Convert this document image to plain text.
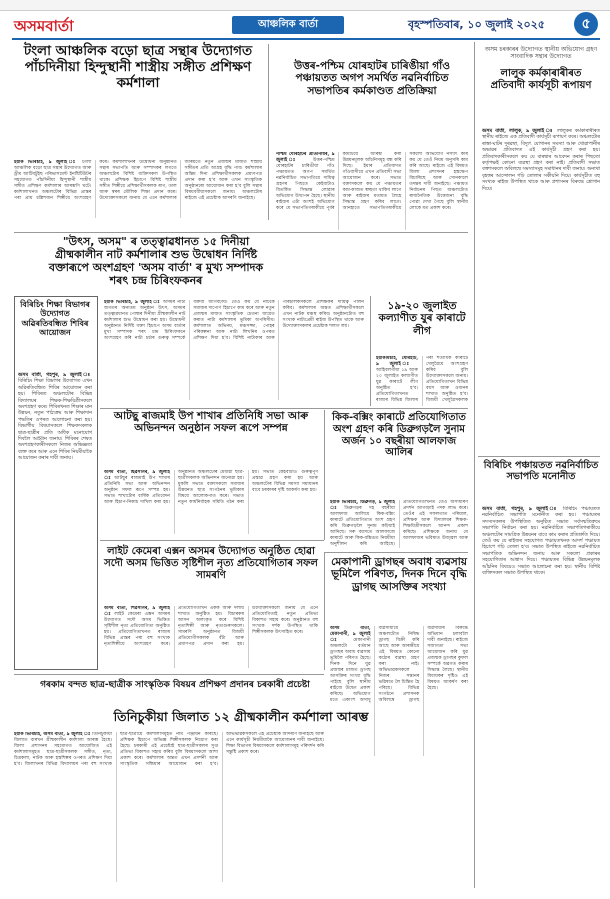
অসমবাৰ্তা	আঞ্চলিক বাৰ্তা	বৃহস্পতিবাৰ, ১০ জুলাই ২০২৫	৫
টংলা আঞ্চলিক বড়ো ছাত্ৰ সন্থাৰ উদ্যোগত পাঁচদিনীয়া হিন্দুস্থানী শাস্ত্ৰীয় সঙ্গীত প্ৰশিক্ষণ কৰ্মশালা
ইয়াক ভিৰিচাই, ৯ জুলাই ঃ টংলা আঞ্চলিক বড়ো ছাত্ৰ সন্থাৰ উদ্যোগত আৰু ড্ৰীম আটিবটুইছ পৰিভাসমেন্ট ইনষ্টিটিউটৰ সহযোগত পাঁচদিনীয়া হিন্দুস্থানী শাস্ত্ৰীয় সঙ্গীত প্ৰশিক্ষণ কৰ্মশালাৰ আৰম্ভণি ঘটে। কৰ্মশালাখনত অঞ্চলটোৰ বিভিন্ন প্ৰান্তৰ পৰা প্ৰায় চল্লিশজন শিল্পীয়ে অংশগ্ৰহণ কৰে। কৰ্মশালাখনৰ উদ্বোধনী অনুষ্ঠানত সন্থাৰ সভাপতি আৰু সম্পাদকৰ লগতে অঞ্চলটোৰ বিশিষ্ট ব্যক্তিসকল উপস্থিত থাকে। প্ৰশিক্ষক হিচাপে বিশিষ্ট শাস্ত্ৰীয় সঙ্গীত শিল্পীয়ে প্ৰশিক্ষাৰ্থীসকলক ৰাগ, তাল আৰু স্বৰৰ মৌলিক শিক্ষা প্ৰদান কৰে। উদ্যোক্তাসকলে জনায় যে এনে কৰ্মশালাৰ জৰিয়তে নতুন প্ৰজন্মৰ মাজত শাস্ত্ৰীয় সঙ্গীতৰ প্ৰতি আগ্ৰহ বৃদ্ধি পাব। কৰ্মশালাৰ অন্তিম দিনা প্ৰশিক্ষাৰ্থীসকলক প্ৰমাণপত্ৰ প্ৰদান কৰা হ'ব আৰু এখন সাংস্কৃতিক অনুষ্ঠানৰো আয়োজন কৰা হ'ব বুলি সন্থাৰ বিষয়ববীয়াসকলে জনায়। অঞ্চলটোৰ ৰাইজে এই প্ৰচেষ্টাক আদৰণি জনাইছে।
উত্তৰ-পশ্চিম যোৰহাটৰ চাৰিঙীয়া গাঁও পঞ্চায়তত অগপ সমৰ্থিত নৱনিৰ্বাচিত সভাপতিৰ কৰ্মকাণ্ডত প্ৰতিক্ৰিয়া
পশ্চিম যোৰহাটৰ প্ৰতিনিধিৰ, ৯ জুলাই ঃ উত্তৰ-পশ্চিম যোৰহাটৰ চাৰিঙীয়া গাঁও পঞ্চায়তত অগপ সমৰ্থিত নৱনিৰ্বাচিত সভাপতিয়ে দায়িত্ব গ্ৰহণৰ পিছতে কেইবাটাও বিতৰ্কিত সিদ্ধান্ত লোৱাৰ অভিযোগ উত্থাপন হৈছে। স্থানীয় ৰাইজৰ এটা অংশই অভিযোগ কৰে যে সভাপতিগৰাকীয়ে পূৰ্বৰ কমিটিয়ে আৰম্ভ কৰা উন্নয়নমূলক আঁচনিসমূহ বন্ধ কৰি দিছে। ইয়াৰ প্ৰতিবাদত গাঁওবাসীয়ে এখন প্ৰতিবাদী সভা আয়োজন কৰে। সভাত বক্তাসকলে কয় যে পঞ্চায়তৰ কাম-কাজত স্বচ্ছতা থাকিব লাগে আৰু ৰাইজৰ মতামত লৈহে সিদ্ধান্ত গ্ৰহণ কৰিব লাগে। আনহাতে সভাপতিগৰাকীয়ে সকলো অভিযোগ নস্যাৎ কৰি কয় যে তেওঁ নিয়ম অনুসৰি কাম কৰি আছে। ৰাইজে এই বিষয়ত জিলা প্ৰশাসনৰ হস্তক্ষেপ বিচাৰিছে আৰু সোনকালে তদন্তৰ দাবী জনাইছে। পঞ্চায়ত নিৰ্বাচনৰ পিছত অঞ্চলটোত ৰাজনৈতিক উত্তেজনা বৃদ্ধি পোৱা দেখা গৈছে বুলি স্থানীয় লোকে মত প্ৰকাশ কৰে।
"উৎস, অসম" ৰ তত্ত্বাৱধানত ১৫ দিনীয়া গ্ৰীষ্মকালীন নাট কৰ্মশালাৰ শুভ উদ্বোধন নিৰ্দিষ্ট বক্তাৰূপে অংশগ্ৰহণ 'অসম বাৰ্তা' ৰ মুখ্য সম্পাদক শৰৎ চন্দ্ৰ চিৰিংফকনৰ
বিৰিচিং শিক্ষা বিভাগৰ উদ্যোগত অৱিৰতিবন্ধিত শিবিৰ আয়োজন
অসম বাৰ্তা, গহপুৰ, ৯ জুলাই ঃ বিৰিচিং শিক্ষা বিভাগৰ উদ্যোগত এখন অৱিৰতিবন্ধিত শিবিৰ আয়োজন কৰা হয়। শিবিৰত অঞ্চলটোৰ বিভিন্ন বিদ্যালয়ৰ শিক্ষক-শিক্ষয়িত্ৰীসকলে অংশগ্ৰহণ কৰে। শিবিৰখনত শিক্ষাৰ মান উন্নয়ন, নতুন পাঠ্যক্ৰম আৰু শিক্ষাদান পদ্ধতিৰ ওপৰত আলোচনা কৰা হয়। বিভাগীয় বিষয়াসকলে শিক্ষকসকলক ছাত্ৰ-ছাত্ৰীৰ প্ৰতি অধিক মনোযোগ দিবলৈ আহ্বান জনায়। শিবিৰৰ শেষত অংশগ্ৰহণকাৰীসকলে নিজৰ অভিজ্ঞতা ব্যক্ত কৰে আৰু এনে শিবিৰ নিয়মীয়াকৈ আয়োজন কৰাৰ দাবী জনায়।
ইয়াক ভিৰিচাই, ৯ জুলাই ঃ অসমৰ নাট্য জগতৰ অন্যতম অনুষ্ঠান উৎস, অসমৰ তত্ত্বাৱধানত পোন্ধৰ দিনীয়া গ্ৰীষ্মকালীন নাট কৰ্মশালাৰ শুভ উদ্বোধন কৰা হয়। উদ্বোধনী অনুষ্ঠানত নিৰ্দিষ্ট বক্তা হিচাপে অসম বাৰ্তাৰ মুখ্য সম্পাদক শৰৎ চন্দ্ৰ চিৰিংফকনে অংশগ্ৰহণ কৰি নাট্য চৰ্চাৰ গুৰুত্ব সম্পৰ্কে বক্তব্য আগবঢ়ায়। তেওঁ কয় যে নাটকে সমাজৰ দাপোণ হিচাপে কাম কৰে আৰু নতুন প্ৰজন্মৰ মাজত সাংস্কৃতিক চেতনা জাগ্ৰত কৰাত নাট্য কৰ্মশালাৰ ভূমিকা অপৰিসীম। কৰ্মশালাত অভিনয়, মঞ্চসজ্জা, পোহৰ পৰিকল্পনা আৰু নাট্য লিখনিৰ ওপৰত প্ৰশিক্ষণ দিয়া হ'ব। বিশিষ্ট নাট্যকাৰ আৰু পৰিচালকসকলে প্ৰশিক্ষকৰ দায়িত্ব পালন কৰিব। কৰ্মশালাৰ অন্তত প্ৰশিক্ষাৰ্থীসকলে এখন নাটক মঞ্চস্থ কৰিব। অনুষ্ঠানটোত বহু সংখ্যক নাট্যপ্ৰেমী ৰাইজ উপস্থিত থাকে আৰু উদ্যোক্তাসকলৰ প্ৰচেষ্টাক শলাগ লয়।
১৯-২০ জুলাইত কল্যাণীত যুৰ কাৰাটে লীগ
ইয়াকমিচাই, যোৰহাট, ৯ জুলাই ঃ আহিবলগীয়া ১৯ আৰু ২০ জুলাইত কল্যাণীত যুৱ কাৰাটে লীগ অনুষ্ঠিত হ'ব। প্ৰতিযোগিতাখনত ৰাজ্যৰ বিভিন্ন জিলাৰ পৰা শতাধিক কাৰাটে খেলুৱৈয়ে অংশগ্ৰহণ কৰিব বুলি উদ্যোক্তাসকলে জনায়। প্ৰতিযোগিতাখন বিভিন্ন বয়স আৰু ওজনৰ শাখাত অনুষ্ঠিত হ'ব। বিজয়ী খেলুৱৈসকলক
আটছু ৰাজমাই উপ শাখাৰ প্ৰতিনিধি সভা আৰু অভিনন্দন অনুষ্ঠান সফল ৰূপে সম্পন্ন
অসম বাৰ্তা, ছিৱসাগৰ, ৯ জুলাই ঃ আটছুৰ ৰাজমাই উপ শাখাৰ প্ৰতিনিধি সভা আৰু অভিনন্দন অনুষ্ঠান সফল ৰূপে সম্পন্ন হয়। সভাত শাখাটোৰ বাৰ্ষিক প্ৰতিবেদন আৰু হিচাপ-নিকাচ দাখিল কৰা হয়। অনুষ্ঠানত অঞ্চলটোৰ মেধাৱী ছাত্ৰ-ছাত্ৰীসকলক অভিনন্দন জনোৱা হয়। মুকলি সভাত বক্তাসকলে সমাজৰ উন্নয়নত ছাত্ৰ সংগঠনৰ ভূমিকাৰ বিষয়ে আলোকপাত কৰে। সভাত নতুন কাৰ্যনিৰ্বাহক সমিতি গঠন কৰা হয়। সভাত কেইবাটাও গুৰুত্বপূৰ্ণ প্ৰস্তাৱ গ্ৰহণ কৰা হয় আৰু অঞ্চলটোৰ বিভিন্ন সমস্যা সমাধানৰ বাবে চৰকাৰৰ দৃষ্টি আকৰ্ষণ কৰা হয়।
কিক-বক্সিং কাৰাটে প্ৰতিযোগিতাত অংশ গ্ৰহণ কৰি ডিব্ৰুগড়লৈ সুনাম অৰ্জন ১০ বছৰীয়া আলফাজ আলিৰ
ইয়াক ভিৰিচাই, ডিব্ৰুগড়, ৯ জুলাই ঃ ডিব্ৰুগড়ৰ দহ বছৰীয়া আলফাজ আলিয়ে কিক-বক্সিং কাৰাটে প্ৰতিযোগিতাত অংশ গ্ৰহণ কৰি ডিব্ৰুগড়লৈ সুনাম কঢ়িয়াই আনিছে। সৰু বয়সতে আলফাজে কাৰাটে আৰু কিক-বক্সিঙত নিয়মীয়া অনুশীলন কৰি আহিছে। প্ৰতিযোগিতাখনত তেওঁ অসাধাৰণ প্ৰদৰ্শন আগবঢ়াই পদক লাভ কৰে। তেওঁৰ এই সফলতাত পৰিয়াল, প্ৰশিক্ষক আৰু বিদ্যালয়ৰ শিক্ষক-শিক্ষয়িত্ৰীসকলে আনন্দ প্ৰকাশ কৰিছে। প্ৰশিক্ষকে জনায় যে আলফাজৰ ভবিষ্যত উজ্জ্বল আৰু
লাইট কেমেৰা এক্সন অসমৰ উদ্যোগত অনুষ্ঠিত হোৱা সদৌ অসম ভিত্তিত সৃষ্টিশীল নৃত্য প্ৰতিযোগিতাৰ সফল সামৰণি
অসম বাৰ্তা, শিৱসাগৰ, ৯ জুলাই ঃ লাইট কেমেৰা এক্সন অসমৰ উদ্যোগত সদৌ অসম ভিত্তিত সৃষ্টিশীল নৃত্য প্ৰতিযোগিতা অনুষ্ঠিত হয়। প্ৰতিযোগিতাখনত ৰাজ্যৰ বিভিন্ন প্ৰান্তৰ পৰা বহু সংখ্যক নৃত্যশিল্পীয়ে অংশগ্ৰহণ কৰে। প্ৰতিযোগিতাখন একক আৰু দলীয় শাখাত অনুষ্ঠিত হয়। বিচাৰকৰ আসন অলংকৃত কৰে বিশিষ্ট নৃত্যশিল্পী আৰু নৃত্যগুৰুসকলে। সামৰণি অনুষ্ঠানত বিজয়ী প্ৰতিযোগীসকলক বঁটা আৰু প্ৰমাণপত্ৰ প্ৰদান কৰা হয়। উদ্যোক্তাসকলে জনায় যে এনে প্ৰতিযোগিতাই নতুন প্ৰতিভা বিকাশত সহায় কৰে। অনুষ্ঠানত বহু সংখ্যক দৰ্শক উপস্থিত থাকি শিল্পীসকলক উৎসাহিত কৰে।
মেকাপানী ড্ৰাগছৰ অবাধ ব্যৱসায় ভূমিলৈ পৰিণত, দিনক দিনে বৃদ্ধি ড্ৰাগছ আসক্তিৰ সংখ্যা
অসম বাৰ্তা, মেকাপানী, ৯ জুলাই ঃ	মেকাপানী অঞ্চলটো বৰ্তমান ড্ৰাগছৰ অবাধ ব্যৱসায় ভূমিলৈ পৰিণত হৈছে। দিনক দিনে যুৱ প্ৰজন্মৰ মাজত ড্ৰাগছ আসক্তিৰ সংখ্যা বৃদ্ধি পাইছে বুলি স্থানীয় ৰাইজে উদ্বেগ প্ৰকাশ কৰিছে। অভিযোগ মতে একাংশ অসাধু ব্যৱসায়ীয়ে অঞ্চলটোত নিষিদ্ধ ড্ৰাগছ বিক্ৰী কৰি আছে আৰু আৰক্ষীয়ে এই বিষয়ত কোনো কঠোৰ ব্যৱস্থা গ্ৰহণ কৰা নাই। অভিভাৱকসকলে নিজৰ সন্তানৰ ভৱিষ্যত লৈ চিন্তিত হৈ পৰিছে। বিভিন্ন সংগঠনে প্ৰশাসনক অবিলম্বে ড্ৰাগছ ব্যৱসায়ীৰ বিৰুদ্ধে অভিযান চলাবলৈ দাবী জনাইছে। ৰাইজে সজাগতা সভা আয়োজন কৰি যুৱ প্ৰজন্মক ড্ৰাগছৰ কুফল সম্পৰ্কে অৱগত কৰাৰ সিদ্ধান্ত লৈছে। স্থানীয় বিধায়কৰ দৃষ্টিও এই বিষয়ত আকৰ্ষণ কৰা হৈছে।
গৰকাম বন্দত ছাত্ৰ-ছাত্ৰীক সাংস্কৃতিক বিষয়ৰ প্ৰশিক্ষণ প্ৰদানৰ চৰকাৰী প্ৰচেষ্টা
তিনিচুকীয়া জিলাত ১২ গ্ৰীষ্মকালীন কৰ্মশালা আৰম্ভ
ইয়াক ভিৰিচাই, অসম বাৰ্তা, ৯ জুলাই ঃ তিনিচুকীয়া জিলাত বাৰখন গ্ৰীষ্মকালীন কৰ্মশালা আৰম্ভ হৈছে। জিলা প্ৰশাসনৰ সহযোগত আয়োজিত এই কৰ্মশালাসমূহত ছাত্ৰ-ছাত্ৰীসকলক সঙ্গীত, নৃত্য, চিত্ৰকলা, নাটক আৰু হস্তশিল্পৰ ওপৰত প্ৰশিক্ষণ দিয়া হ'ব। জিলাখনৰ বিভিন্ন বিদ্যালয়ৰ পৰা বহু সংখ্যক ছাত্ৰ-ছাত্ৰীয়ে কৰ্মশালাসমূহত নাম পঞ্জীয়ন কৰিছে। প্ৰশিক্ষক হিচাপে অভিজ্ঞ শিল্পীসকলক নিয়োগ কৰা হৈছে। চৰকাৰী এই প্ৰচেষ্টাই ছাত্ৰ-ছাত্ৰীসকলৰ সুপ্ত প্ৰতিভা বিকাশত সহায় কৰিব বুলি বিষয়াসকলে আশা প্ৰকাশ কৰে। কৰ্মশালাৰ অন্তত এখন প্ৰদৰ্শনী আৰু সাংস্কৃতিক সন্ধিয়াৰ আয়োজন কৰা হ'ব। অভিভাৱকসকলে এই প্ৰচেষ্টাক আদৰণি জনাইছে আৰু এনে কাৰ্যসূচী নিয়মীয়াকৈ আয়োজনৰ দাবী জনাইছে। শিক্ষা বিভাগৰ বিষয়াসকলে কৰ্মশালাসমূহ পৰিদৰ্শন কৰি সন্তুষ্টি প্ৰকাশ কৰে।
অসম চৰকাৰৰ উদ্যোগত স্থানীয় অভিযোগ গ্ৰহণ সাংবাদিক সন্থাৰ উদ্যোগত
লালুক কৰ্মকাৰাৰীৰত প্ৰতিবাদী কাৰ্যসূচী ৰূপায়ণ
অসম বাৰ্তা, লালুক, ৯ জুলাই ঃ লালুকৰ কৰ্মকাৰাৰীৰত স্থানীয় ৰাইজে এক প্ৰতিবাদী কাৰ্যসূচী ৰূপায়ণ কৰে। অঞ্চলটোৰ ৰাস্তা-ঘাটৰ দুৰৱস্থা, বিদ্যুৎ যোগানৰ সমস্যা আৰু খোৱাপানীৰ অভাৱৰ প্ৰতিবাদত এই কাৰ্যসূচী গ্ৰহণ কৰা হয়। প্ৰতিবাদকাৰীসকলে কয় যে বাৰম্বাৰ আবেদন কৰাৰ পিছতো কৰ্তৃপক্ষই কোনো ব্যৱস্থা গ্ৰহণ কৰা নাই। প্ৰতিবাদী সভাত বক্তাসকলে অবিলম্বে সমস্যাসমূহ সমাধানৰ দাবী জনায়। অন্যথা বৃহত্তৰ আন্দোলন গঢ়ি তোলাৰ সকীয়নি দিয়ে। কাৰ্যসূচীত বহু সংখ্যক ৰাইজ উপস্থিত থাকে আৰু প্ৰশাসনৰ বিৰুদ্ধে শ্লোগান দিয়ে।
বিৰিচিং পঞ্চায়তত নৱনিৰ্বাচিত সভাপতি মনোনীত
অসম বাৰ্তা, গহপুৰ, ৯ জুলাই ঃ বিৰিচিং পঞ্চায়তত নৱনিৰ্বাচিত সভাপতি মনোনীত কৰা হয়। পঞ্চায়তৰ সদস্যসকলৰ উপস্থিতিত অনুষ্ঠিত সভাত সৰ্বসন্মতিক্ৰমে সভাপতি নিৰ্বাচন কৰা হয়। নৱনিৰ্বাচিত সভাপতিগৰাকীয়ে অঞ্চলটোৰ সামগ্ৰিক উন্নয়নৰ বাবে কাম কৰাৰ প্ৰতিশ্ৰুতি দিয়ে। তেওঁ কয় যে ৰাইজৰ সহযোগত পঞ্চায়তখনক আদৰ্শ পঞ্চায়ত হিচাপে গঢ়ি তোলা হ'ব। সভাত উপস্থিত ৰাইজে নৱনিৰ্বাচিত সভাপতিক অভিনন্দন জনায় আৰু সকলো প্ৰকাৰৰ সহযোগিতাৰ আশ্বাস দিয়ে। পঞ্চায়তৰ বিভিন্ন উন্নয়নমূলক আঁচনিৰ বিষয়েও সভাত আলোচনা কৰা হয়। স্থানীয় বিশিষ্ট ব্যক্তিসকল সভাত উপস্থিত থাকে।
